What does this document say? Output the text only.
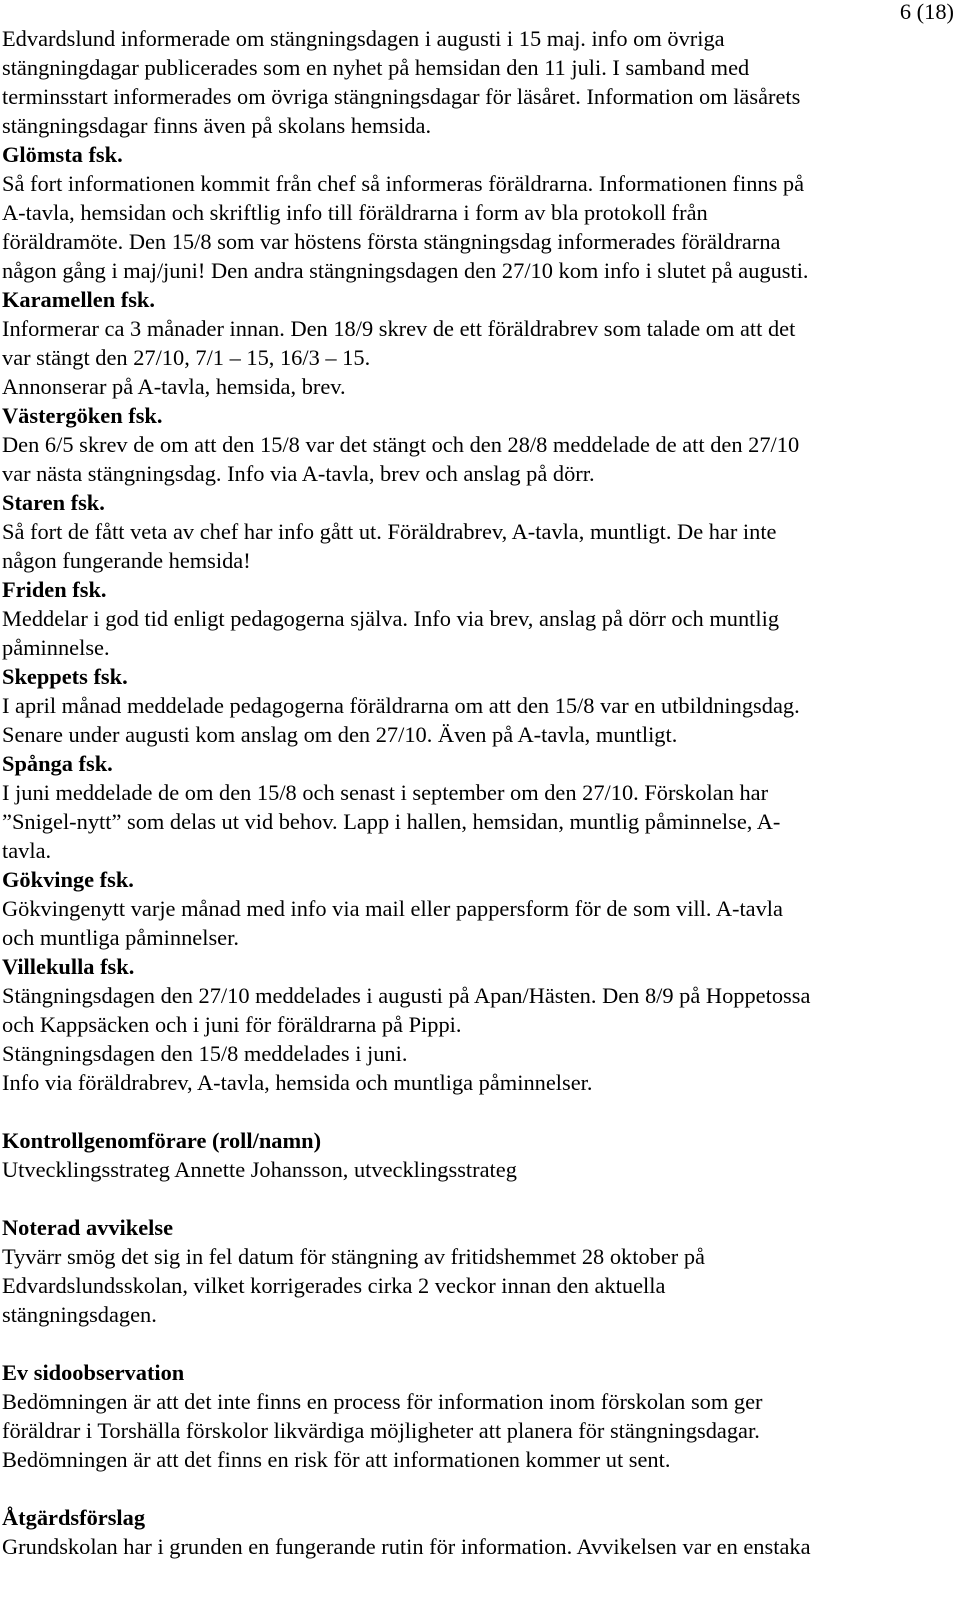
6 (18)
Edvardslund informerade om stängningsdagen i augusti i 15 maj. info om övriga
stängningdagar publicerades som en nyhet på hemsidan den 11 juli. I samband med
terminsstart informerades om övriga stängningsdagar för läsåret. Information om läsårets
stängningsdagar finns även på skolans hemsida.
Glömsta fsk.
Så fort informationen kommit från chef så informeras föräldrarna. Informationen finns på
A-tavla, hemsidan och skriftlig info till föräldrarna i form av bla protokoll från
föräldramöte. Den 15/8 som var höstens första stängningsdag informerades föräldrarna
någon gång i maj/juni! Den andra stängningsdagen den 27/10 kom info i slutet på augusti.
Karamellen fsk.
Informerar ca 3 månader innan. Den 18/9 skrev de ett föräldrabrev som talade om att det
var stängt den 27/10, 7/1 – 15, 16/3 – 15.
Annonserar på A-tavla, hemsida, brev.
Västergöken fsk.
Den 6/5 skrev de om att den 15/8 var det stängt och den 28/8 meddelade de att den 27/10
var nästa stängningsdag. Info via A-tavla, brev och anslag på dörr.
Staren fsk.
Så fort de fått veta av chef har info gått ut. Föräldrabrev, A-tavla, muntligt. De har inte
någon fungerande hemsida!
Friden fsk.
Meddelar i god tid enligt pedagogerna själva. Info via brev, anslag på dörr och muntlig
påminnelse.
Skeppets fsk.
I april månad meddelade pedagogerna föräldrarna om att den 15/8 var en utbildningsdag.
Senare under augusti kom anslag om den 27/10. Även på A-tavla, muntligt.
Spånga fsk.
I juni meddelade de om den 15/8 och senast i september om den 27/10. Förskolan har
”Snigel-nytt” som delas ut vid behov. Lapp i hallen, hemsidan, muntlig påminnelse, A-
tavla.
Gökvinge fsk.
Gökvingenytt varje månad med info via mail eller pappersform för de som vill. A-tavla
och muntliga påminnelser.
Villekulla fsk.
Stängningsdagen den 27/10 meddelades i augusti på Apan/Hästen. Den 8/9 på Hoppetossa
och Kappsäcken och i juni för föräldrarna på Pippi.
Stängningsdagen den 15/8 meddelades i juni.
Info via föräldrabrev, A-tavla, hemsida och muntliga påminnelser.
Kontrollgenomförare (roll/namn)
Utvecklingsstrateg Annette Johansson, utvecklingsstrateg
Noterad avvikelse
Tyvärr smög det sig in fel datum för stängning av fritidshemmet 28 oktober på
Edvardslundsskolan, vilket korrigerades cirka 2 veckor innan den aktuella
stängningsdagen.
Ev sidoobservation
Bedömningen är att det inte finns en process för information inom förskolan som ger
föräldrar i Torshälla förskolor likvärdiga möjligheter att planera för stängningsdagar.
Bedömningen är att det finns en risk för att informationen kommer ut sent.
Åtgärdsförslag
Grundskolan har i grunden en fungerande rutin för information. Avvikelsen var en enstaka
